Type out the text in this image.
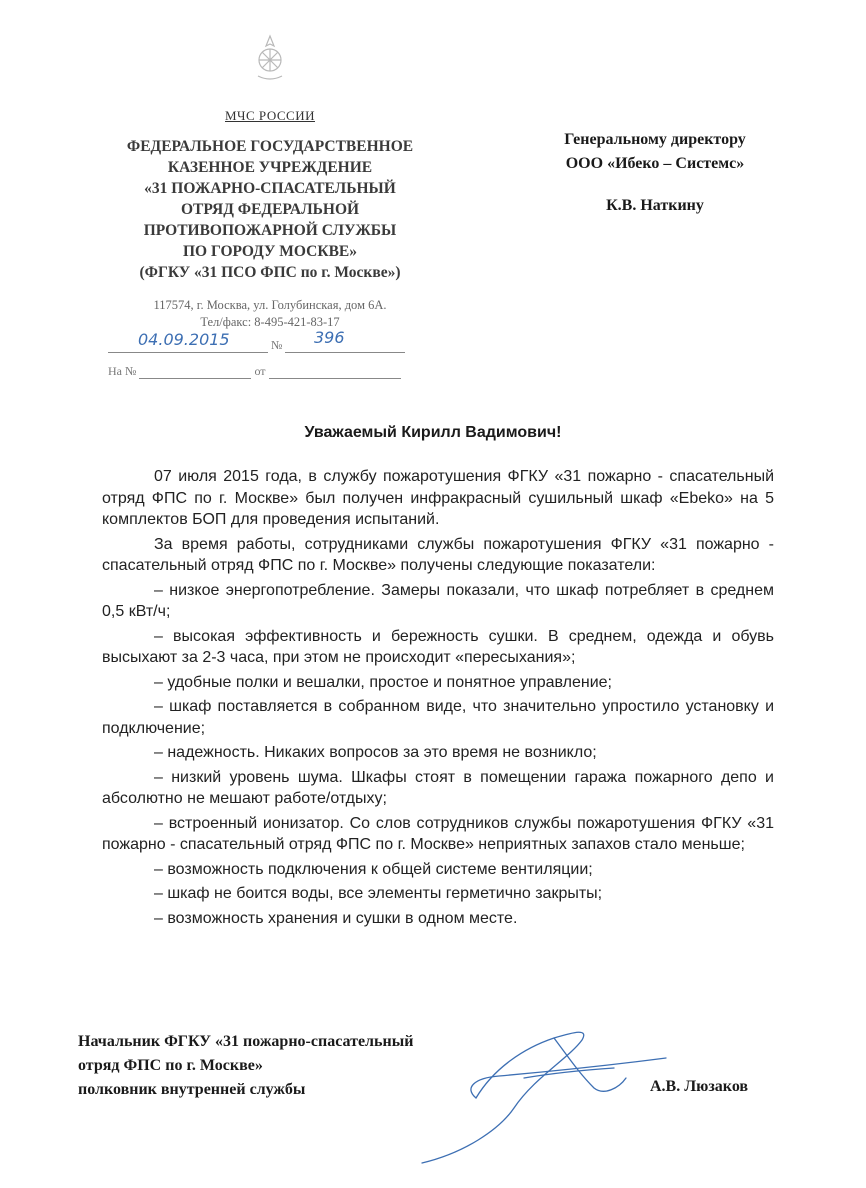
МЧС РОССИИ
ФЕДЕРАЛЬНОЕ ГОСУДАРСТВЕННОЕ
КАЗЕННОЕ УЧРЕЖДЕНИЕ
«31 ПОЖАРНО-СПАСАТЕЛЬНЫЙ
ОТРЯД ФЕДЕРАЛЬНОЙ
ПРОТИВОПОЖАРНОЙ СЛУЖБЫ
ПО ГОРОДУ МОСКВЕ»
(ФГКУ «31 ПСО ФПС по г. Москве»)
117574, г. Москва, ул. Голубинская, дом 6А.
Тел/факс: 8-495-421-83-17
№
04.09.2015	396
На №	от
Генеральному директору
ООО «Ибеко – Системс»
К.В. Наткину
Уважаемый Кирилл Вадимович!

07 июля 2015 года, в службу пожаротушения ФГКУ «31 пожарно - спасательный отряд ФПС по г. Москве» был получен инфракрасный сушильный шкаф «Ebeko» на 5 комплектов БОП для проведения испытаний.

За время работы, сотрудниками службы пожаротушения ФГКУ «31 пожарно - спасательный отряд ФПС по г. Москве» получены следующие показатели:

– низкое энергопотребление. Замеры показали, что шкаф потребляет в среднем 0,5 кВт/ч;

– высокая эффективность и бережность сушки. В среднем, одежда и обувь высыхают за 2-3 часа, при этом не происходит «пересыхания»;

– удобные полки и вешалки, простое и понятное управление;

– шкаф поставляется в собранном виде, что значительно упростило установку и подключение;

– надежность. Никаких вопросов за это время не возникло;

– низкий уровень шума. Шкафы стоят в помещении гаража пожарного депо и абсолютно не мешают работе/отдыху;

– встроенный ионизатор. Со слов сотрудников службы пожаротушения ФГКУ «31 пожарно - спасательный отряд ФПС по г. Москве» неприятных запахов стало меньше;

– возможность подключения к общей системе вентиляции;

– шкаф не боится воды, все элементы герметично закрыты;

– возможность хранения и сушки в одном месте.

Начальник ФГКУ «31 пожарно-спасательный
отряд ФПС по г. Москве»
полковник внутренней службы	А.В. Люзаков
